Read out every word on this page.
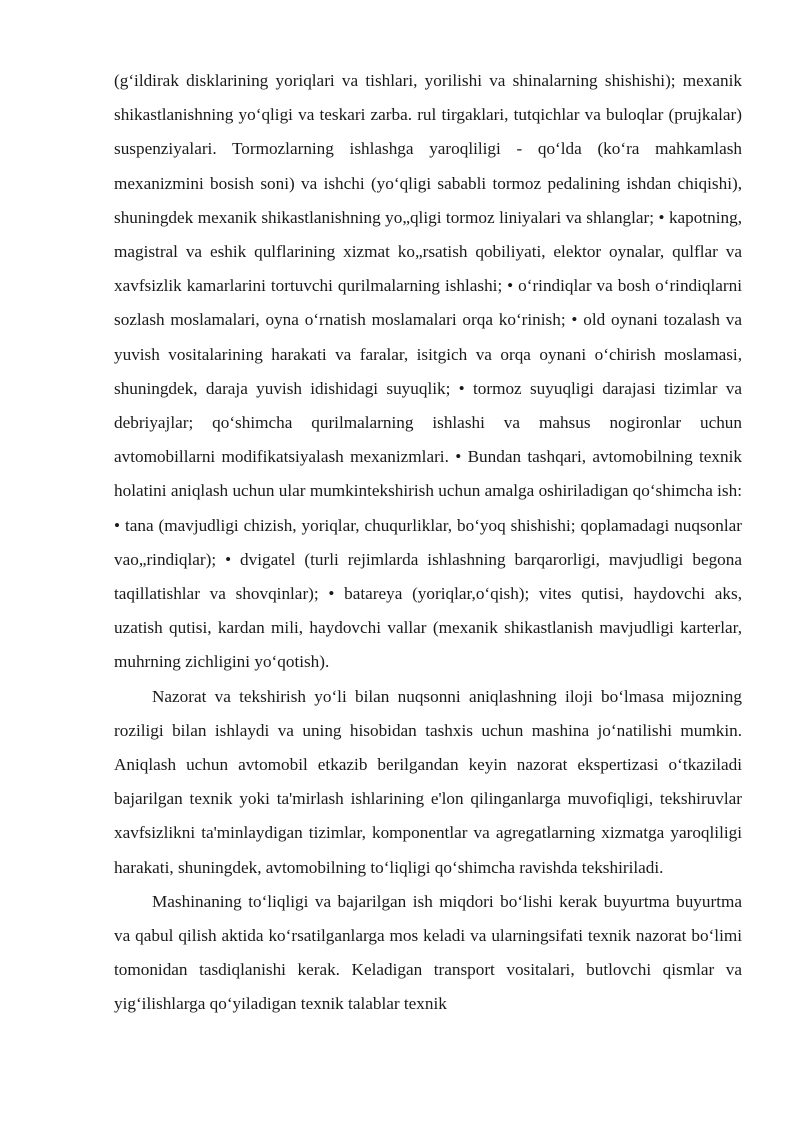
(g‘ildirak disklarining yoriqlari va tishlari, yorilishi va shinalarning shishishi); mexanik shikastlanishning yo‘qligi va teskari zarba. rul tirgaklari, tutqichlar va buloqlar (prujkalar) suspenziyalari. Tormozlarning ishlashga yaroqliligi - qo‘lda (ko‘ra mahkamlash mexanizmini bosish soni) va ishchi (yo‘qligi sababli tormoz pedalining ishdan chiqishi), shuningdek mexanik shikastlanishning yo„qligi tormoz liniyalari va shlanglar; • kapotning, magistral va eshik qulflarining xizmat ko„rsatish qobiliyati, elektor oynalar, qulflar va xavfsizlik kamarlarini tortuvchi qurilmalarning ishlashi; • o‘rindiqlar va bosh o‘rindiqlarni sozlash moslamalari, oyna o‘rnatish moslamalari orqa ko‘rinish; • old oynani tozalash va yuvish vositalarining harakati va faralar, isitgich va orqa oynani o‘chirish moslamasi, shuningdek, daraja yuvish idishidagi suyuqlik; • tormoz suyuqligi darajasi tizimlar va debriyajlar; qo‘shimcha qurilmalarning ishlashi va mahsus nogironlar uchun avtomobillarni modifikatsiyalash mexanizmlari. • Bundan tashqari, avtomobilning texnik holatini aniqlash uchun ular mumkintekshirish uchun amalga oshiriladigan qo‘shimcha ish: • tana (mavjudligi chizish, yoriqlar, chuqurliklar, bo‘yoq shishishi; qoplamadagi nuqsonlar vao„rindiqlar); • dvigatel (turli rejimlarda ishlashning barqarorligi, mavjudligi begona taqillatishlar va shovqinlar); • batareya (yoriqlar,o‘qish); vites qutisi, haydovchi aks, uzatish qutisi, kardan mili, haydovchi vallar (mexanik shikastlanish mavjudligi karterlar, muhrning zichligini yo‘qotish).

Nazorat va tekshirish yo‘li bilan nuqsonni aniqlashning iloji bo‘lmasa mijozning roziligi bilan ishlaydi va uning hisobidan tashxis uchun mashina jo‘natilishi mumkin. Aniqlash uchun avtomobil etkazib berilgandan keyin nazorat ekspertizasi o‘tkaziladi bajarilgan texnik yoki ta'mirlash ishlarining e'lon qilinganlarga muvofiqligi, tekshiruvlar xavfsizlikni ta'minlaydigan tizimlar, komponentlar va agregatlarning xizmatga yaroqliligi harakati, shuningdek, avtomobilning to‘liqligi qo‘shimcha ravishda tekshiriladi.

Mashinaning to‘liqligi va bajarilgan ish miqdori bo‘lishi kerak buyurtma buyurtma va qabul qilish aktida ko‘rsatilganlarga mos keladi va ularningsifati texnik nazorat bo‘limi tomonidan tasdiqlanishi kerak. Keladigan transport vositalari, butlovchi qismlar va yig‘ilishlarga qo‘yiladigan texnik talablar texnik
